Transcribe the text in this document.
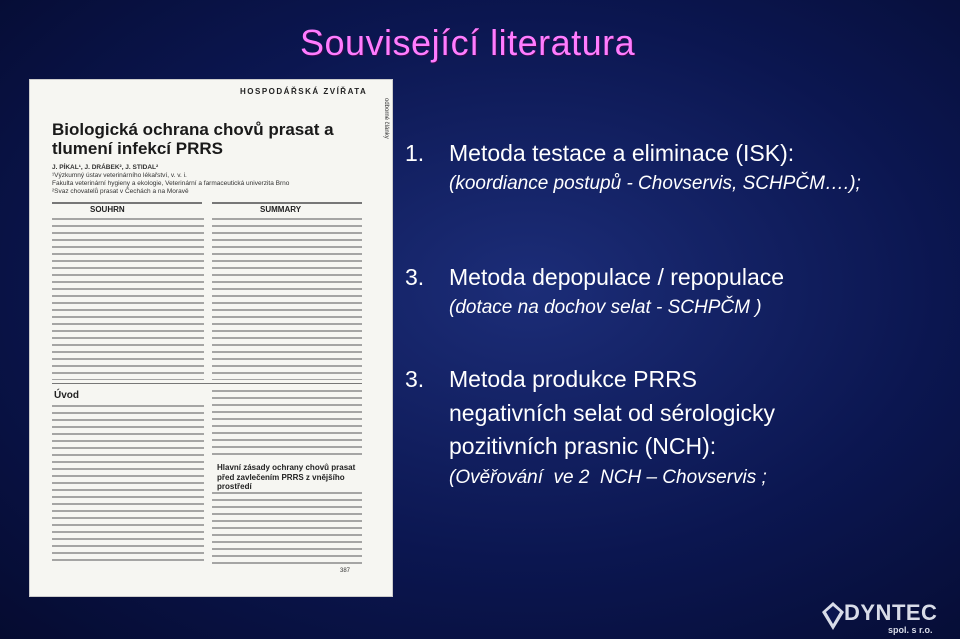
Související literatura
HOSPODÁŘSKÁ ZVÍŘATA
odborné články
Biologická ochrana chovů prasat a tlumení infekcí PRRS
J. PÍKAL¹, J. DRÁBEK², J. STIDAL²
¹Výzkumný ústav veterinárního lékařství, v. v. i.
Fakulta veterinární hygieny a ekologie, Veterinární a farmaceutická univerzita Brno
²Svaz chovatelů prasat v Čechách a na Moravě
SOUHRN	SUMMARY
Úvod
Hlavní zásady ochrany chovů prasat před zavlečením PRRS z vnějšího prostředí
387
1. Metoda testace a eliminace (ISK):
(koordiance postupů - Chovservis, SCHPČM….);
3. Metoda depopulace / repopulace
(dotace na dochov selat - SCHPČM )
3. Metoda produkce PRRS
negativních selat od sérologicky
pozitivních prasnic (NCH):
(Ověřování  ve 2  NCH – Chovservis ;
DYNTEC
spol. s r.o.
